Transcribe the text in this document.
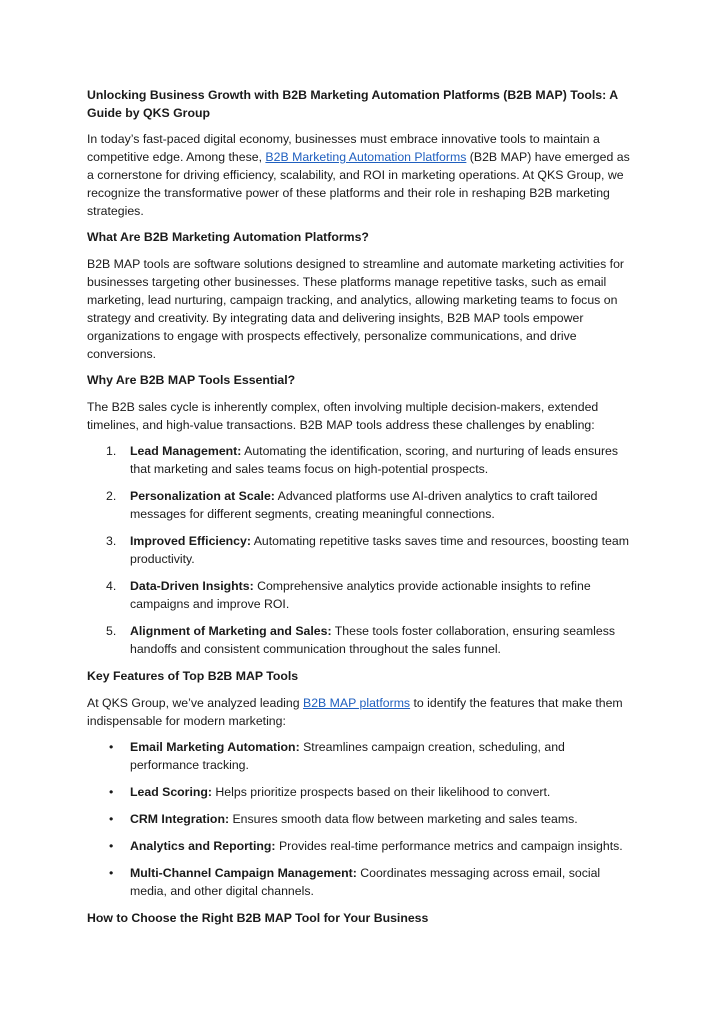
Unlocking Business Growth with B2B Marketing Automation Platforms (B2B MAP) Tools: A Guide by QKS Group

In today’s fast-paced digital economy, businesses must embrace innovative tools to maintain a competitive edge. Among these, B2B Marketing Automation Platforms (B2B MAP) have emerged as a cornerstone for driving efficiency, scalability, and ROI in marketing operations. At QKS Group, we recognize the transformative power of these platforms and their role in reshaping B2B marketing strategies.

What Are B2B Marketing Automation Platforms?

B2B MAP tools are software solutions designed to streamline and automate marketing activities for businesses targeting other businesses. These platforms manage repetitive tasks, such as email marketing, lead nurturing, campaign tracking, and analytics, allowing marketing teams to focus on strategy and creativity. By integrating data and delivering insights, B2B MAP tools empower organizations to engage with prospects effectively, personalize communications, and drive conversions.

Why Are B2B MAP Tools Essential?

The B2B sales cycle is inherently complex, often involving multiple decision-makers, extended timelines, and high-value transactions. B2B MAP tools address these challenges by enabling:

1. Lead Management: Automating the identification, scoring, and nurturing of leads ensures that marketing and sales teams focus on high-potential prospects.
2. Personalization at Scale: Advanced platforms use AI-driven analytics to craft tailored messages for different segments, creating meaningful connections.
3. Improved Efficiency: Automating repetitive tasks saves time and resources, boosting team productivity.
4. Data-Driven Insights: Comprehensive analytics provide actionable insights to refine campaigns and improve ROI.
5. Alignment of Marketing and Sales: These tools foster collaboration, ensuring seamless handoffs and consistent communication throughout the sales funnel.
Key Features of Top B2B MAP Tools

At QKS Group, we’ve analyzed leading B2B MAP platforms to identify the features that make them indispensable for modern marketing:

• Email Marketing Automation: Streamlines campaign creation, scheduling, and performance tracking.
• Lead Scoring: Helps prioritize prospects based on their likelihood to convert.
• CRM Integration: Ensures smooth data flow between marketing and sales teams.
• Analytics and Reporting: Provides real-time performance metrics and campaign insights.
• Multi-Channel Campaign Management: Coordinates messaging across email, social media, and other digital channels.
How to Choose the Right B2B MAP Tool for Your Business
